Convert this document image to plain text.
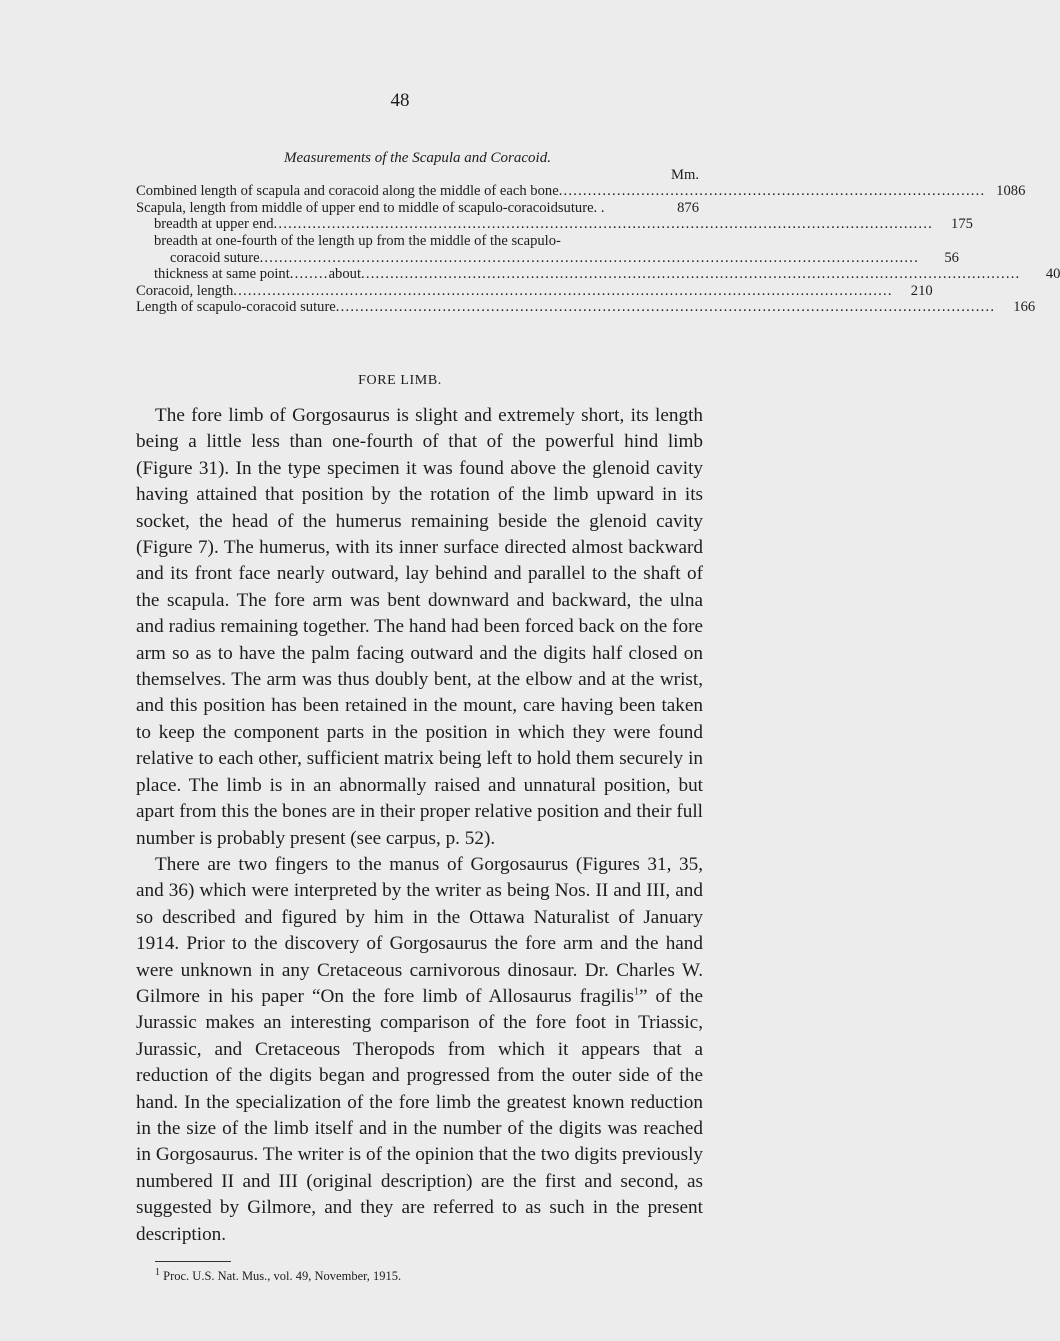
48
Measurements of the Scapula and Coracoid.
Mm.
Combined length of scapula and coracoid along the middle of each bone ........................................................................................ 1086
Scapula, length from middle of upper end to middle of scapulo-coracoidsuture. .	876
breadth at upper end ........................................................................................................................................	175
breadth at one-fourth of the length up from the middle of the scapulo-
coracoid suture ........................................................................................................................................	56
thickness at same point ........ about ........................................................................................................................................	40
Coracoid, length ........................................................................................................................................	210
Length of scapulo-coracoid suture ........................................................................................................................................	166
FORE LIMB.

The fore limb of Gorgosaurus is slight and extremely short, its length being a little less than one-fourth of that of the powerful hind limb (Figure 31). In the type specimen it was found above the glenoid cavity having attained that position by the rotation of the limb upward in its socket, the head of the humerus remaining beside the glenoid cavity (Figure 7). The humerus, with its inner surface directed almost backward and its front face nearly outward, lay behind and parallel to the shaft of the scapula. The fore arm was bent downward and backward, the ulna and radius remaining together. The hand had been forced back on the fore arm so as to have the palm facing outward and the digits half closed on themselves. The arm was thus doubly bent, at the elbow and at the wrist, and this position has been retained in the mount, care having been taken to keep the component parts in the position in which they were found relative to each other, sufficient matrix being left to hold them securely in place. The limb is in an abnormally raised and unnatural position, but apart from this the bones are in their proper relative position and their full number is probably present (see carpus, p. 52).

There are two fingers to the manus of Gorgosaurus (Figures 31, 35, and 36) which were interpreted by the writer as being Nos. II and III, and so described and figured by him in the Ottawa Naturalist of January 1914. Prior to the discovery of Gorgosaurus the fore arm and the hand were unknown in any Cretaceous carnivorous dinosaur. Dr. Charles W. Gilmore in his paper “On the fore limb of Allosaurus fragilis$^1$” of the Jurassic makes an interesting comparison of the fore foot in Triassic, Jurassic, and Cretaceous Theropods from which it appears that a reduction of the digits began and progressed from the outer side of the hand. In the specialization of the fore limb the greatest known reduction in the size of the limb itself and in the number of the digits was reached in Gorgosaurus. The writer is of the opinion that the two digits previously numbered II and III (original description) are the first and second, as suggested by Gilmore, and they are referred to as such in the present description.

$^1$ Proc. U.S. Nat. Mus., vol. 49, November, 1915.
